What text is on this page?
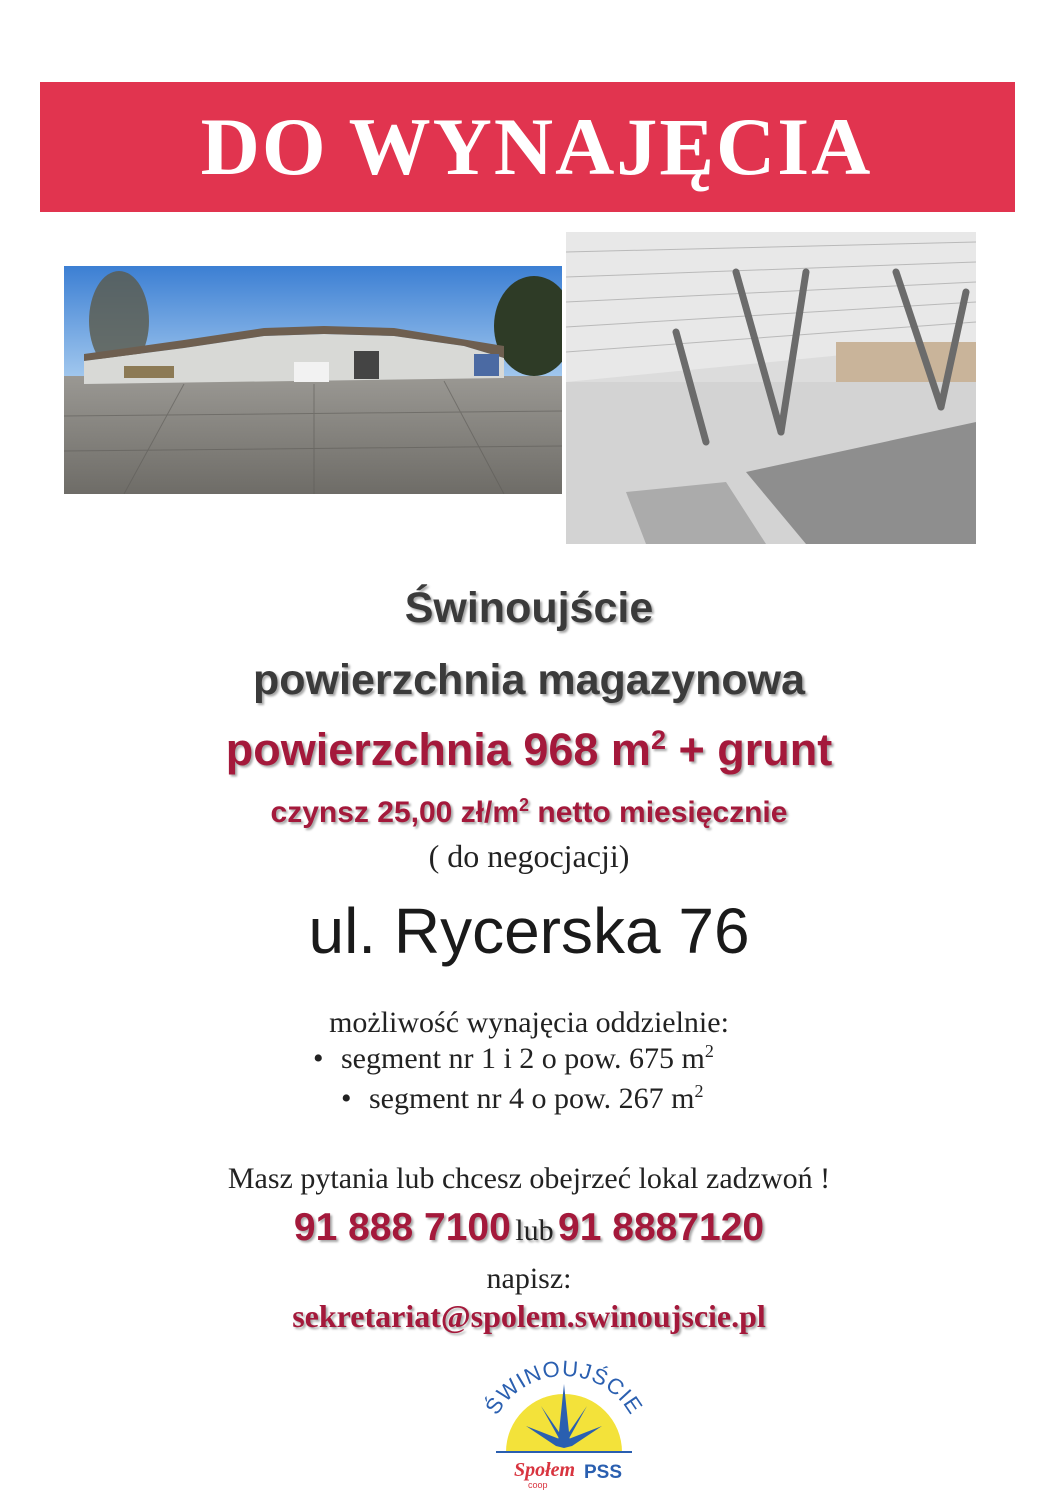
DO WYNAJĘCIA
Świnoujście
powierzchnia magazynowa
powierzchnia 968 $m^2$ + grunt
czynsz 25,00 $zł/m^2$ netto miesięcznie
( do negocjacji)
ul. Rycerska 76
możliwość wynajęcia oddzielnie:
• segment nr 1 i 2 o pow. 675 $m^2$
• segment nr 4 o pow. 267 $m^2$
Masz pytania lub chcesz obejrzeć lokal zadzwoń !
91 888 7100 lub 91 8887120
napisz:
sekretariat@spolem.swinoujscie.pl
ŚWINOUJŚCIE
Społem
coop
PSS
